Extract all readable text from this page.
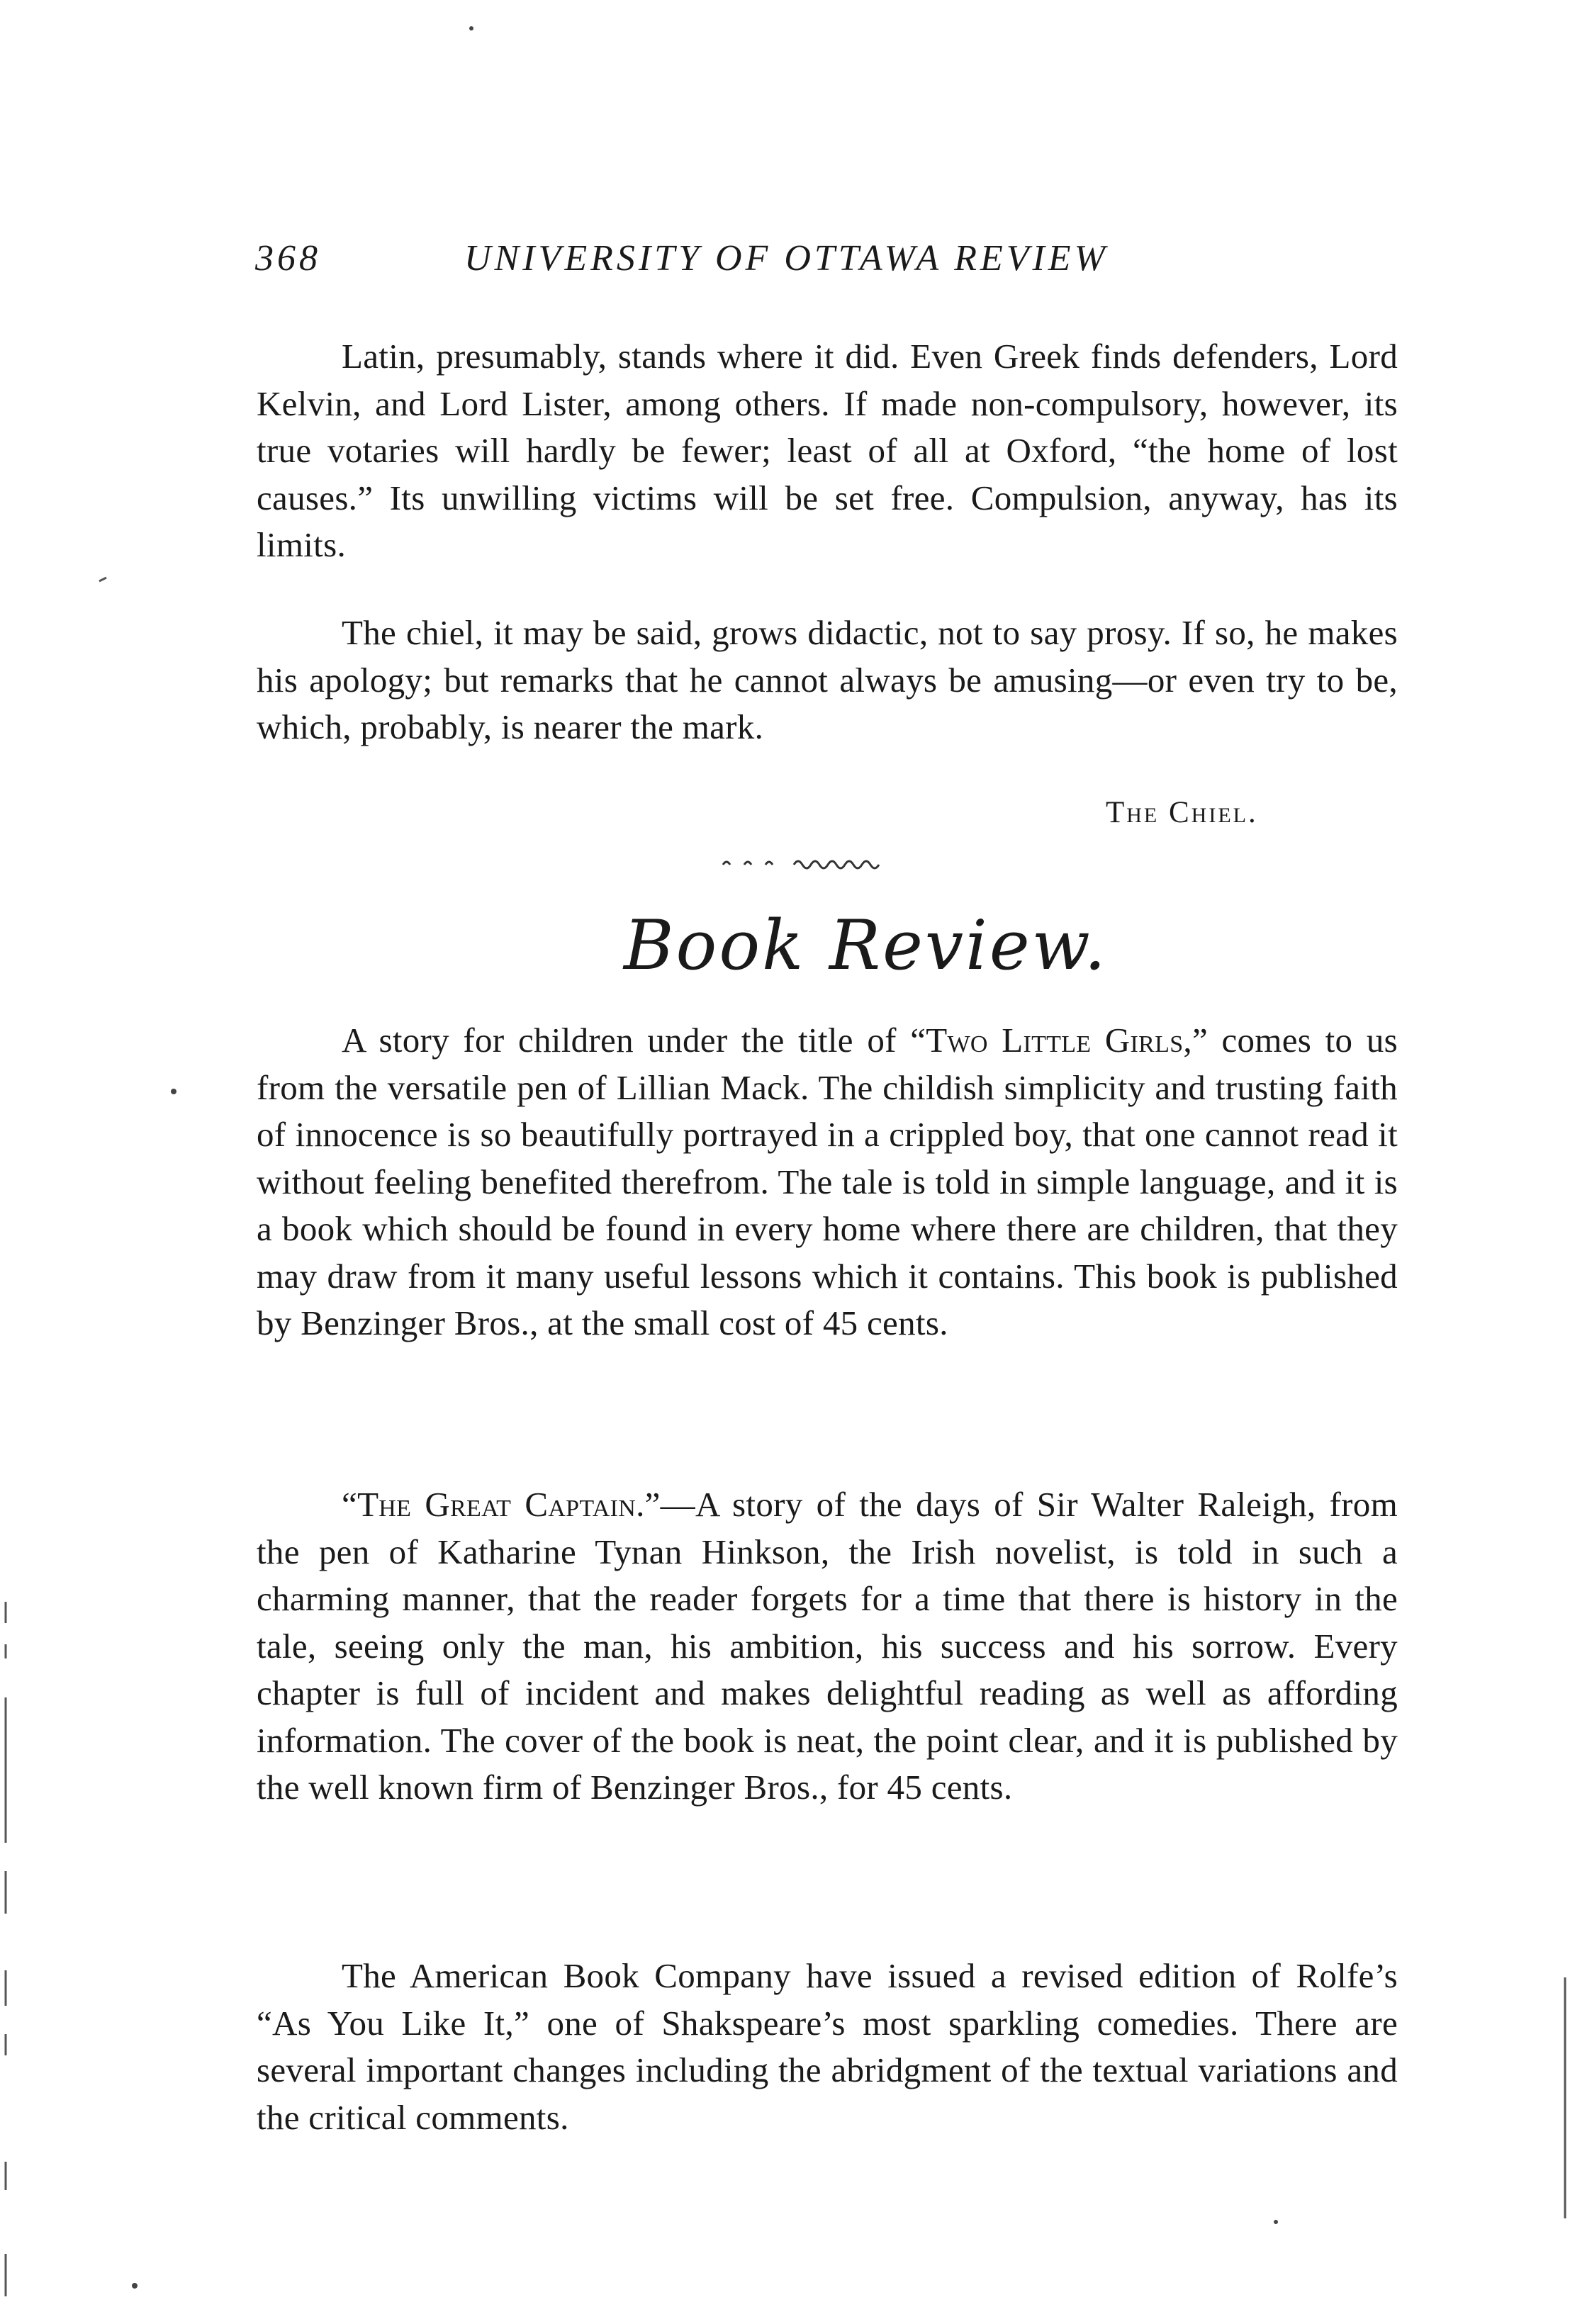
368	UNIVERSITY OF OTTAWA REVIEW

Latin, presumably, stands where it did. Even Greek finds defenders, Lord Kelvin, and Lord Lister, among others. If made non-compulsory, however, its true votaries will hardly be fewer; least of all at Oxford, “the home of lost causes.” Its unwilling victims will be set free. Compulsion, anyway, has its limits.

The chiel, it may be said, grows didactic, not to say prosy. If so, he makes his apology; but remarks that he cannot always be amusing—or even try to be, which, probably, is nearer the mark.

The Chiel.
Book Review.

A story for children under the title of “Two Little Girls,” comes to us from the versatile pen of Lillian Mack. The childish simplicity and trusting faith of innocence is so beautifully portrayed in a crippled boy, that one cannot read it without feeling benefited therefrom. The tale is told in simple language, and it is a book which should be found in every home where there are children, that they may draw from it many useful lessons which it contains. This book is published by Benzinger Bros., at the small cost of 45 cents.

“The Great Captain.”—A story of the days of Sir Walter Raleigh, from the pen of Katharine Tynan Hinkson, the Irish novelist, is told in such a charming manner, that the reader forgets for a time that there is history in the tale, seeing only the man, his ambition, his success and his sorrow. Every chapter is full of incident and makes delightful reading as well as affording information. The cover of the book is neat, the point clear, and it is published by the well known firm of Benzinger Bros., for 45 cents.

The American Book Company have issued a revised edition of Rolfe’s “As You Like It,” one of Shakspeare’s most sparkling comedies. There are several important changes including the abridgment of the textual variations and the critical comments.
